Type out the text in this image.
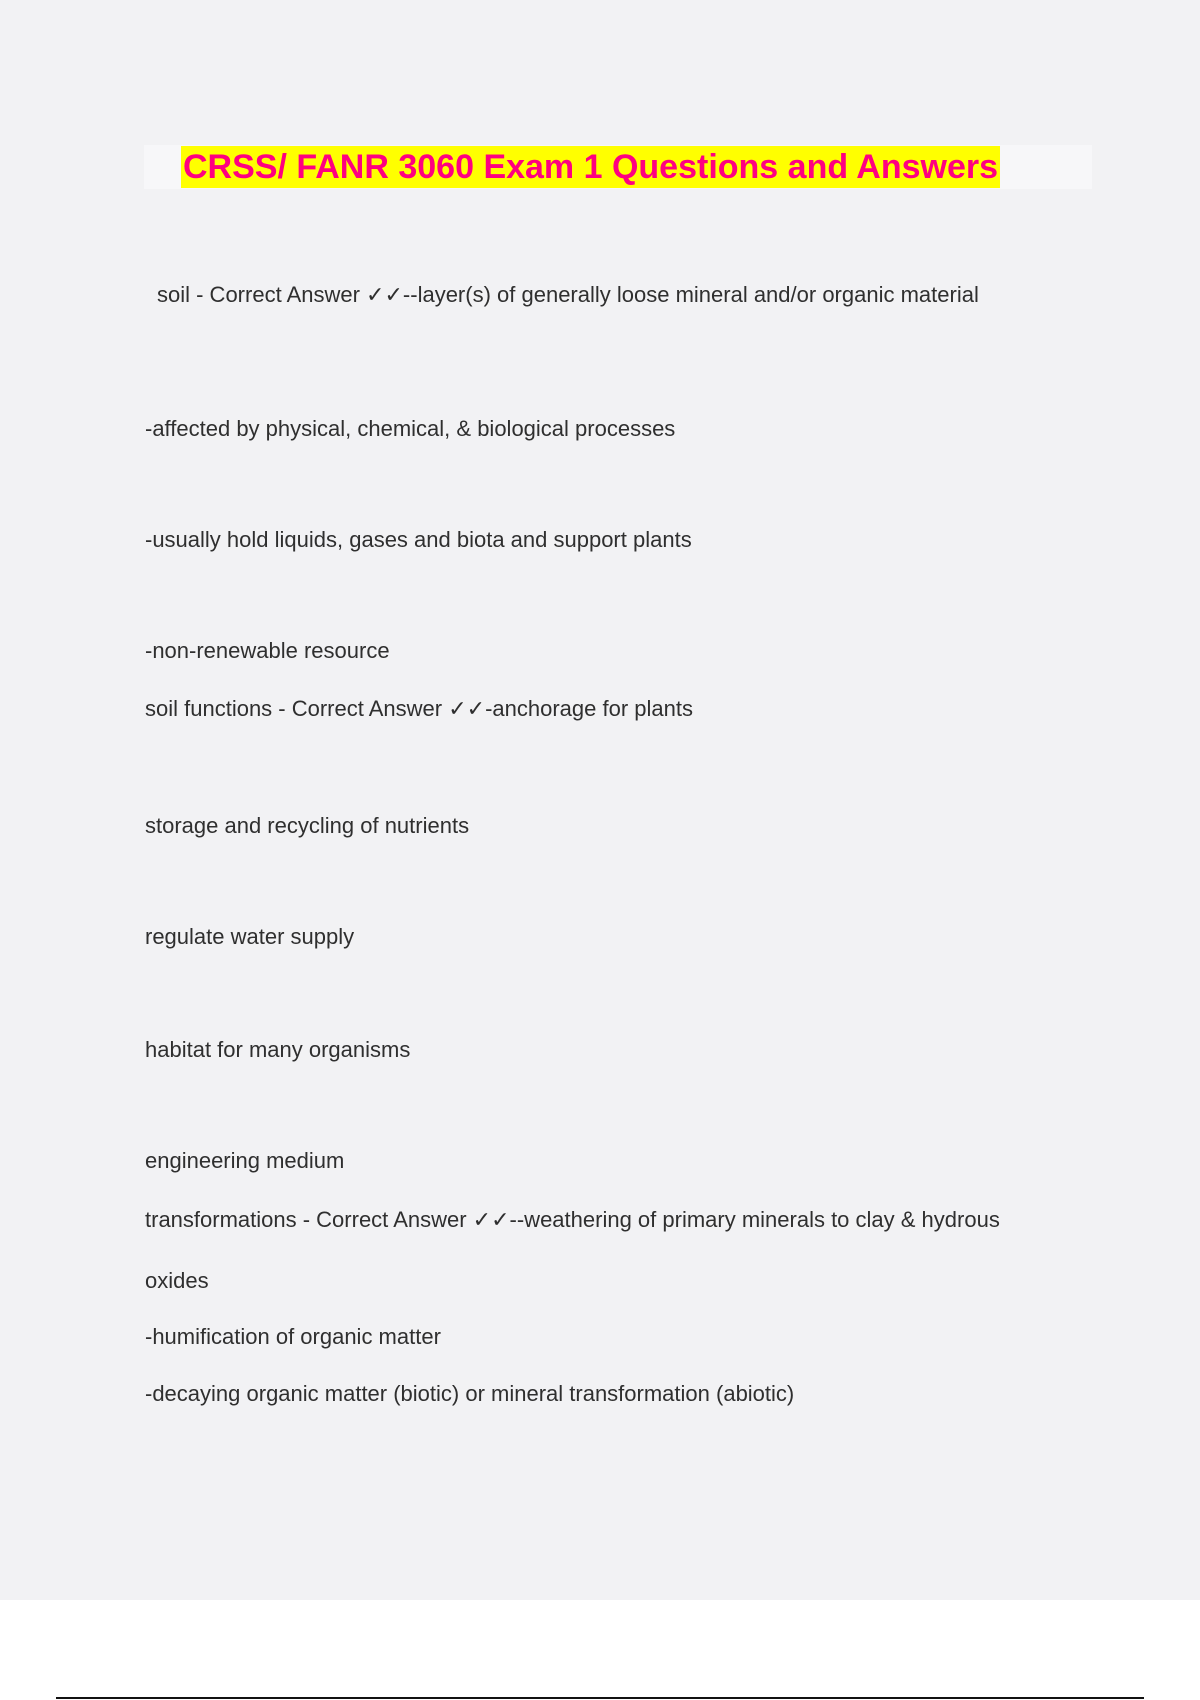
CRSS/ FANR 3060 Exam 1 Questions and Answers
soil - Correct Answer ✓✓--layer(s) of generally loose mineral and/or organic material
-affected by physical, chemical, & biological processes
-usually hold liquids, gases and biota and support plants
-non-renewable resource
soil functions - Correct Answer ✓✓-anchorage for plants
storage and recycling of nutrients
regulate water supply
habitat for many organisms
engineering medium
transformations - Correct Answer ✓✓--weathering of primary minerals to clay & hydrous
oxides
-humification of organic matter
-decaying organic matter (biotic) or mineral transformation (abiotic)
